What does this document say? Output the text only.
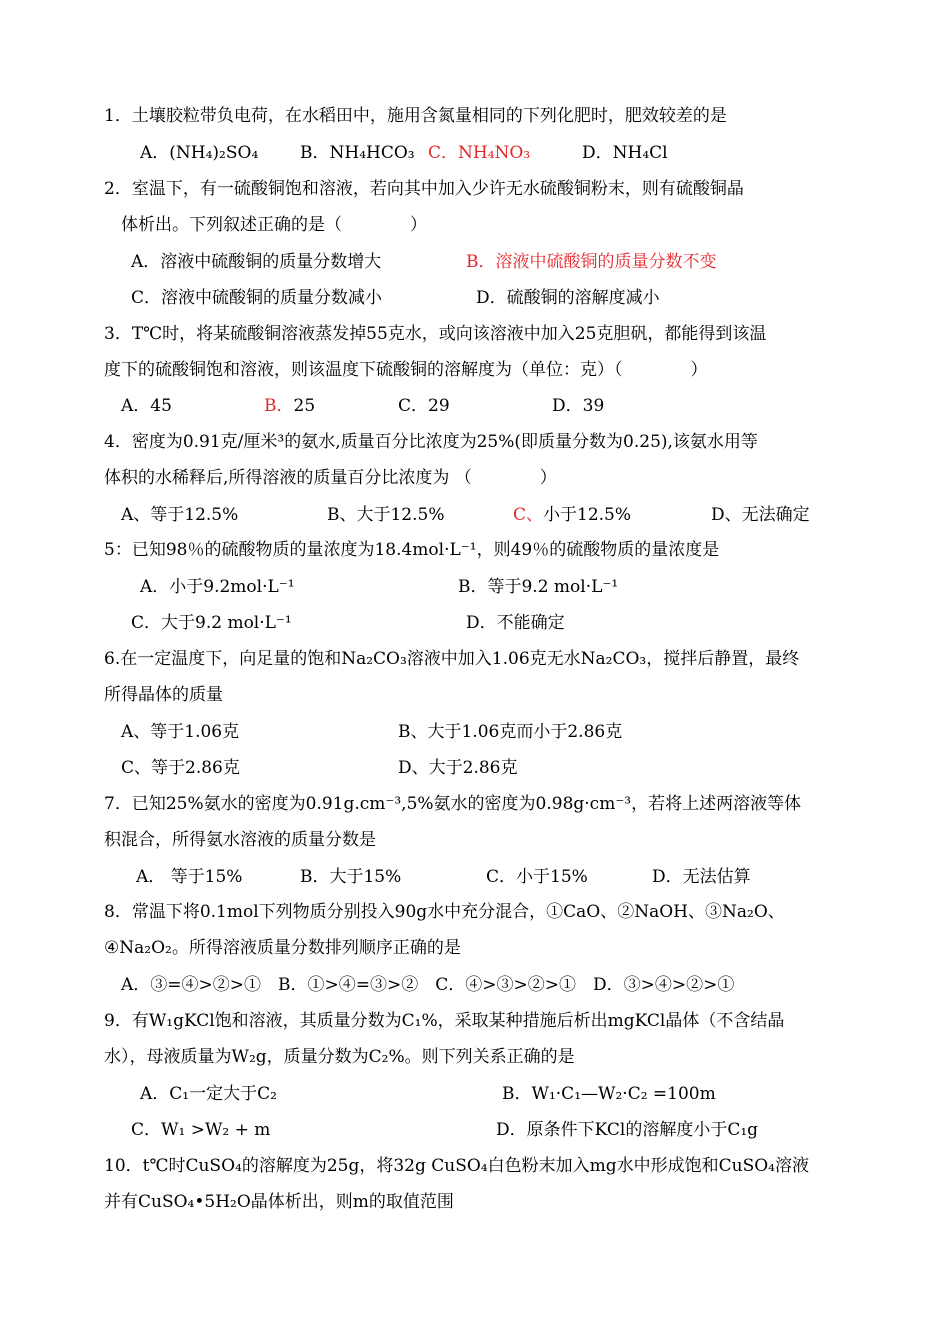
1．土壤胶粒带负电荷，在水稻田中，施用含氮量相同的下列化肥时，肥效较差的是
A．(NH₄)₂SO₄ B．NH₄HCO₃ C．NH₄NO₃	D．NH₄Cl
2．室温下，有一硫酸铜饱和溶液，若向其中加入少许无水硫酸铜粉末，则有硫酸铜晶
体析出。下列叙述正确的是（　　　　）
A．溶液中硫酸铜的质量分数增大	B．溶液中硫酸铜的质量分数不变
C．溶液中硫酸铜的质量分数减小	D．硫酸铜的溶解度减小
3．T℃时，将某硫酸铜溶液蒸发掉55克水，或向该溶液中加入25克胆矾，都能得到该温
度下的硫酸铜饱和溶液，则该温度下硫酸铜的溶解度为（单位：克）（　　　　）
A．45	B．25	C．29	D．39
4．密度为0.91克/厘米³的氨水,质量百分比浓度为25%(即质量分数为0.25),该氨水用等
体积的水稀释后,所得溶液的质量百分比浓度为 （　　　　）
A、等于12.5%	B、大于12.5%	C、小于12.5%	D、无法确定
5：已知98％的硫酸物质的量浓度为18.4mol·L⁻¹，则49％的硫酸物质的量浓度是
A．小于9.2mol·L⁻¹	B．等于9.2 mol·L⁻¹
C．大于9.2 mol·L⁻¹	D．不能确定
6.在一定温度下，向足量的饱和Na₂CO₃溶液中加入1.06克无水Na₂CO₃，搅拌后静置，最终
所得晶体的质量
A、等于1.06克	B、大于1.06克而小于2.86克
C、等于2.86克	D、大于2.86克
7．已知25%氨水的密度为0.91g.cm⁻³,5%氨水的密度为0.98g·cm⁻³，若将上述两溶液等体
积混合，所得氨水溶液的质量分数是
A． 等于15%	B．大于15%	C．小于15%	D．无法估算
8．常温下将0.1mol下列物质分别投入90g水中充分混合，①CaO、②NaOH、③Na₂O、
④Na₂O₂。所得溶液质量分数排列顺序正确的是
A．③=④>②>①　B．①>④=③>②　C．④>③>②>①　D．③>④>②>①
9．有W₁gKCl饱和溶液，其质量分数为C₁%，采取某种措施后析出mgKCl晶体（不含结晶
水），母液质量为W₂g，质量分数为C₂%。则下列关系正确的是
A．C₁一定大于C₂	B．W₁·C₁—W₂·C₂ =100m
C．W₁ >W₂ + m	D．原条件下KCl的溶解度小于C₁g
10．t℃时CuSO₄的溶解度为25g，将32g CuSO₄白色粉末加入mg水中形成饱和CuSO₄溶液
并有CuSO₄•5H₂O晶体析出，则m的取值范围
